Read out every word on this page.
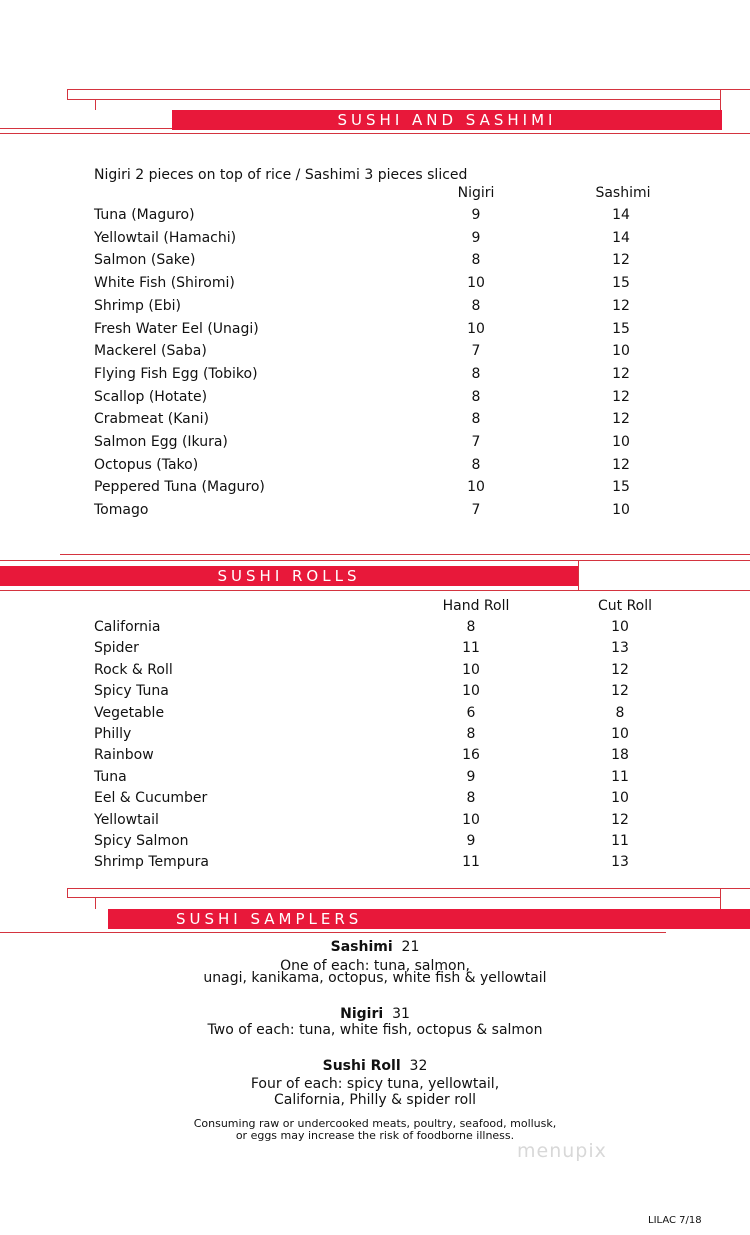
SUSHI AND SASHIMI
Nigiri 2 pieces on top of rice / Sashimi 3 pieces sliced
Nigiri	Sashimi
Tuna (Maguro)	9	14
Yellowtail (Hamachi)	9	14
Salmon (Sake)	8	12
White Fish (Shiromi)	10	15
Shrimp (Ebi)	8	12
Fresh Water Eel (Unagi)	10	15
Mackerel (Saba)	7	10
Flying Fish Egg (Tobiko)	8	12
Scallop (Hotate)	8	12
Crabmeat (Kani)	8	12
Salmon Egg (Ikura)	7	10
Octopus (Tako)	8	12
Peppered Tuna (Maguro)	10	15
Tomago	7	10
SUSHI ROLLS
Hand Roll	Cut Roll
California	8	10
Spider	11	13
Rock & Roll	10	12
Spicy Tuna	10	12
Vegetable	6	8
Philly	8	10
Rainbow	16	18
Tuna	9	11
Eel & Cucumber	8	10
Yellowtail	10	12
Spicy Salmon	9	11
Shrimp Tempura	11	13
SUSHI SAMPLERS
Sashimi 21
One of each: tuna, salmon,
unagi, kanikama, octopus, white fish & yellowtail
Nigiri 31
Two of each: tuna, white fish, octopus & salmon
Sushi Roll 32
Four of each: spicy tuna, yellowtail,
California, Philly & spider roll
Consuming raw or undercooked meats, poultry, seafood, mollusk,
or eggs may increase the risk of foodborne illness.
menupix
LILAC 7/18
